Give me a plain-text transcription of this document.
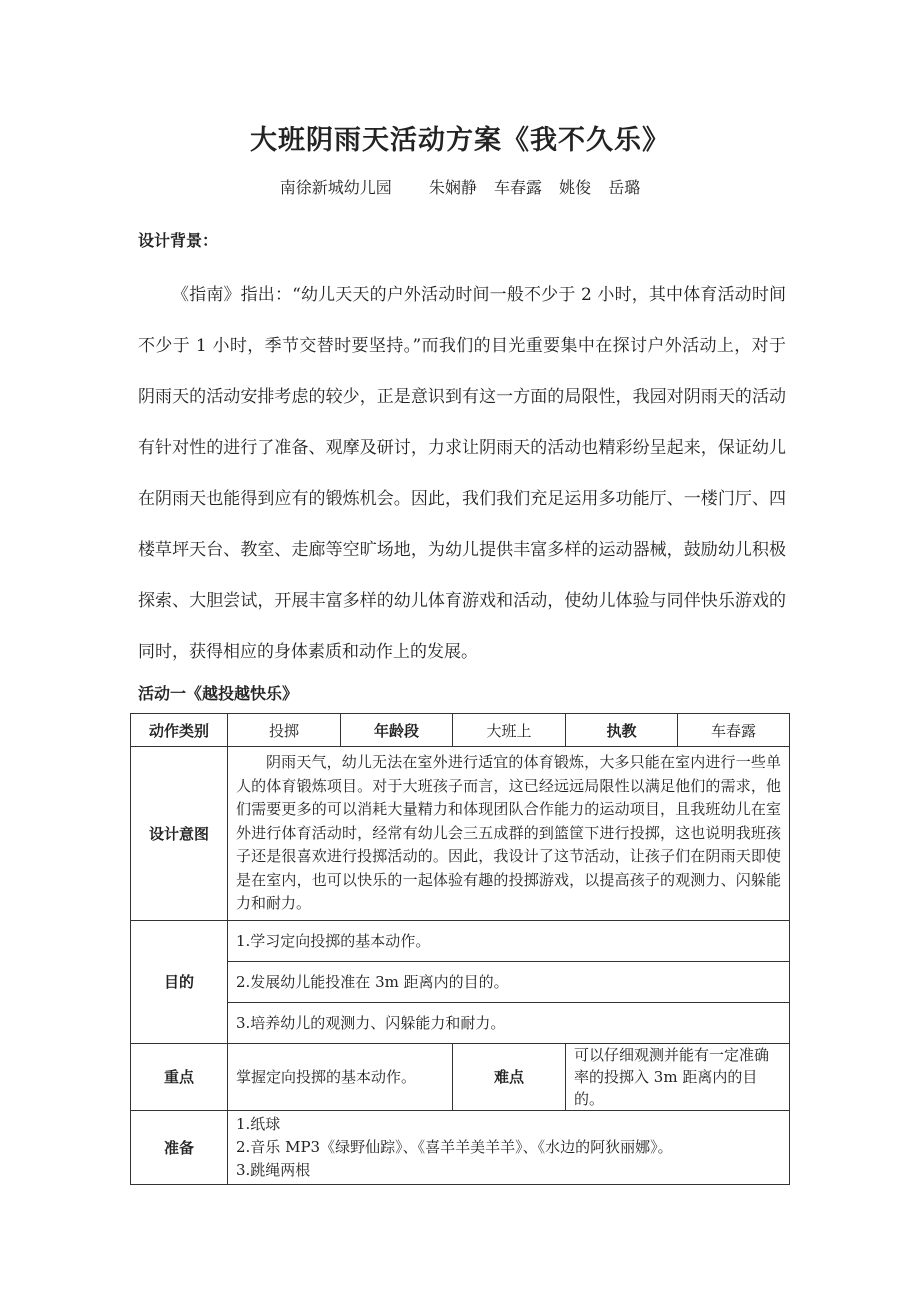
大班阴雨天活动方案《我不久乐》
南徐新城幼儿园 朱娴静 车春露 姚俊 岳璐
设计背景：

《指南》指出：“幼儿天天的户外活动时间一般不少于 2 小时，其中体育活动时间不少于 1 小时，季节交替时要坚持。”而我们的目光重要集中在探讨户外活动上，对于阴雨天的活动安排考虑的较少，正是意识到有这一方面的局限性，我园对阴雨天的活动有针对性的进行了准备、观摩及研讨，力求让阴雨天的活动也精彩纷呈起来，保证幼儿在阴雨天也能得到应有的锻炼机会。因此，我们我们充足运用多功能厅、一楼门厅、四楼草坪天台、教室、走廊等空旷场地，为幼儿提供丰富多样的运动器械，鼓励幼儿积极探索、大胆尝试，开展丰富多样的幼儿体育游戏和活动，使幼儿体验与同伴快乐游戏的同时，获得相应的身体素质和动作上的发展。

活动一《越投越快乐》
动作类别	投掷	年龄段	大班上	执教	车春露
设计意图	阴雨天气，幼儿无法在室外进行适宜的体育锻炼，大多只能在室内进行一些单人的体育锻炼项目。对于大班孩子而言，这已经远远局限性以满足他们的需求，他们需要更多的可以消耗大量精力和体现团队合作能力的运动项目，且我班幼儿在室外进行体育活动时，经常有幼儿会三五成群的到篮筐下进行投掷，这也说明我班孩子还是很喜欢进行投掷活动的。因此，我设计了这节活动，让孩子们在阴雨天即使是在室内，也可以快乐的一起体验有趣的投掷游戏，以提高孩子的观测力、闪躲能力和耐力。				
目的	1.学习定向投掷的基本动作。				
	2.发展幼儿能投准在 3m 距离内的目的。				
	3.培养幼儿的观测力、闪躲能力和耐力。				
重点	掌握定向投掷的基本动作。		难点	可以仔细观测并能有一定准确率的投掷入 3m 距离内的目的。	
准备	1.纸球
2.音乐 MP3《绿野仙踪》、《喜羊羊美羊羊》、《水边的阿狄丽娜》。
3.跳绳两根				
